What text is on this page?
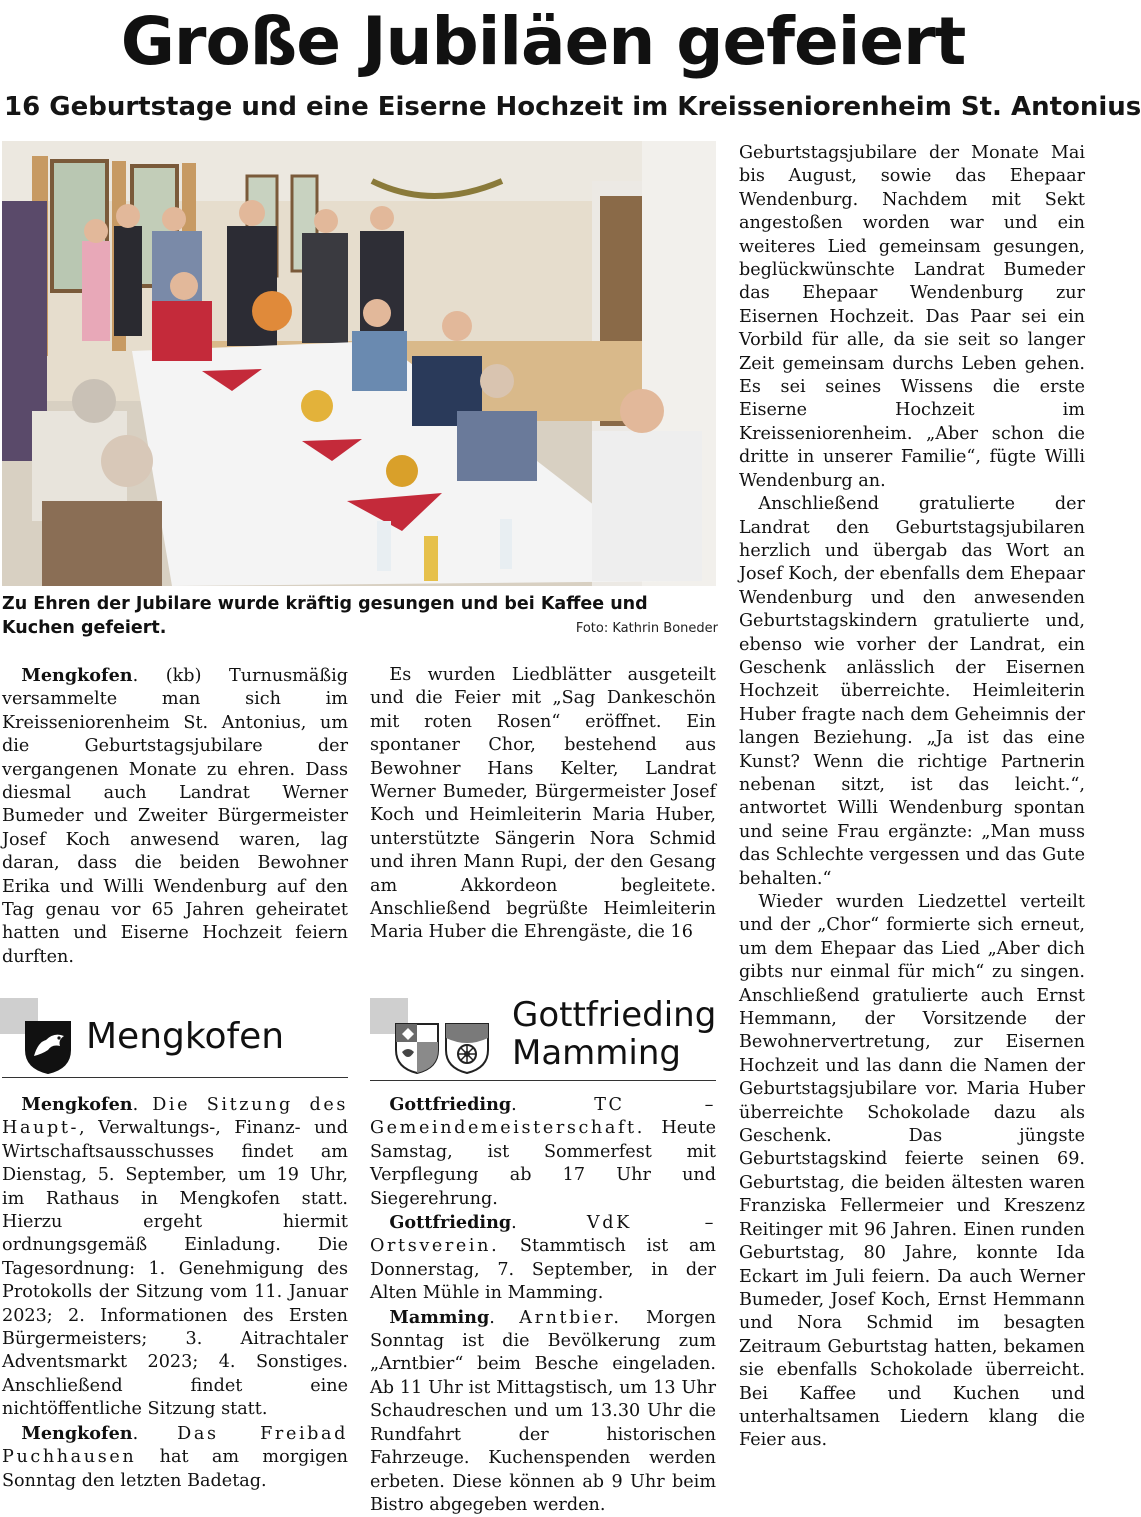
Große Jubiläen gefeiert
16 Geburtstage und eine Eiserne Hochzeit im Kreisseniorenheim St. Antonius
Zu Ehren der Jubilare wurde kräftig gesungen und bei Kaffee und Kuchen gefeiert.	Foto: Kathrin Boneder

Mengkofen. (kb) Turnusmäßig versammelte man sich im Kreisseniorenheim St. Antonius, um die Geburtstagsjubilare der vergangenen Monate zu ehren. Dass diesmal auch Landrat Werner Bumeder und Zweiter Bürgermeister Josef Koch anwesend waren, lag daran, dass die beiden Bewohner Erika und Willi Wendenburg auf den Tag genau vor 65 Jahren geheiratet hatten und Eiserne Hochzeit feiern durften.

Es wurden Liedblätter ausgeteilt und die Feier mit „Sag Dankeschön mit roten Rosen“ eröffnet. Ein spontaner Chor, bestehend aus Bewohner Hans Kelter, Landrat Werner Bumeder, Bürgermeister Josef Koch und Heimleiterin Maria Huber, unterstützte Sängerin Nora Schmid und ihren Mann Rupi, der den Gesang am Akkordeon begleitete. Anschließend begrüßte Heimleiterin Maria Huber die Ehrengäste, die 16

Geburtstagsjubilare der Monate Mai bis August, sowie das Ehepaar Wendenburg. Nachdem mit Sekt angestoßen worden war und ein weiteres Lied gemeinsam gesungen, beglückwünschte Landrat Bumeder das Ehepaar Wendenburg zur Eisernen Hochzeit. Das Paar sei ein Vorbild für alle, da sie seit so langer Zeit gemeinsam durchs Leben gehen. Es sei seines Wissens die erste Eiserne Hochzeit im Kreisseniorenheim. „Aber schon die dritte in unserer Familie“, fügte Willi Wendenburg an.

Anschließend gratulierte der Landrat den Geburtstagsjubilaren herzlich und übergab das Wort an Josef Koch, der ebenfalls dem Ehepaar Wendenburg und den anwesenden Geburtstagskindern gratulierte und, ebenso wie vorher der Landrat, ein Geschenk anlässlich der Eisernen Hochzeit überreichte. Heimleiterin Huber fragte nach dem Geheimnis der langen Beziehung. „Ja ist das eine Kunst? Wenn die richtige Partnerin nebenan sitzt, ist das leicht.“, antwortet Willi Wendenburg spontan und seine Frau ergänzte: „Man muss das Schlechte vergessen und das Gute behalten.“

Wieder wurden Liedzettel verteilt und der „Chor“ formierte sich erneut, um dem Ehepaar das Lied „Aber dich gibts nur einmal für mich“ zu singen. Anschließend gratulierte auch Ernst Hemmann, der Vorsitzende der Bewohnervertretung, zur Eisernen Hochzeit und las dann die Namen der Geburtstagsjubilare vor. Maria Huber überreichte Schokolade dazu als Geschenk. Das jüngste Geburtstagskind feierte seinen 69. Geburtstag, die beiden ältesten waren Franziska Fellermeier und Kreszenz Reitinger mit 96 Jahren. Einen runden Geburtstag, 80 Jahre, konnte Ida Eckart im Juli feiern. Da auch Werner Bumeder, Josef Koch, Ernst Hemmann und Nora Schmid im besagten Zeitraum Geburtstag hatten, bekamen sie ebenfalls Schokolade überreicht. Bei Kaffee und Kuchen und unterhaltsamen Liedern klang die Feier aus.

Mengkofen

Mengkofen. Die Sitzung des Haupt-, Verwaltungs-, Finanz- und Wirtschaftsausschusses findet am Dienstag, 5. September, um 19 Uhr, im Rathaus in Mengkofen statt. Hierzu ergeht hiermit ordnungsgemäß Einladung. Die Tagesordnung: 1. Genehmigung des Protokolls der Sitzung vom 11. Januar 2023; 2. Informationen des Ersten Bürgermeisters; 3. Aitrachtaler Adventsmarkt 2023; 4. Sonstiges. Anschließend findet eine nichtöffentliche Sitzung statt.

Mengkofen. Das Freibad Puchhausen hat am morgigen Sonntag den letzten Badetag.

Gottfrieding
Mamming

Gottfrieding. TC – Gemeindemeisterschaft. Heute Samstag, ist Sommerfest mit Verpflegung ab 17 Uhr und Siegerehrung.

Gottfrieding. VdK – Ortsverein. Stammtisch ist am Donnerstag, 7. September, in der Alten Mühle in Mamming.

Mamming. Arntbier. Morgen Sonntag ist die Bevölkerung zum „Arntbier“ beim Besche eingeladen. Ab 11 Uhr ist Mittagstisch, um 13 Uhr Schaudreschen und um 13.30 Uhr die Rundfahrt der historischen Fahrzeuge. Kuchenspenden werden erbeten. Diese können ab 9 Uhr beim Bistro abgegeben werden.
